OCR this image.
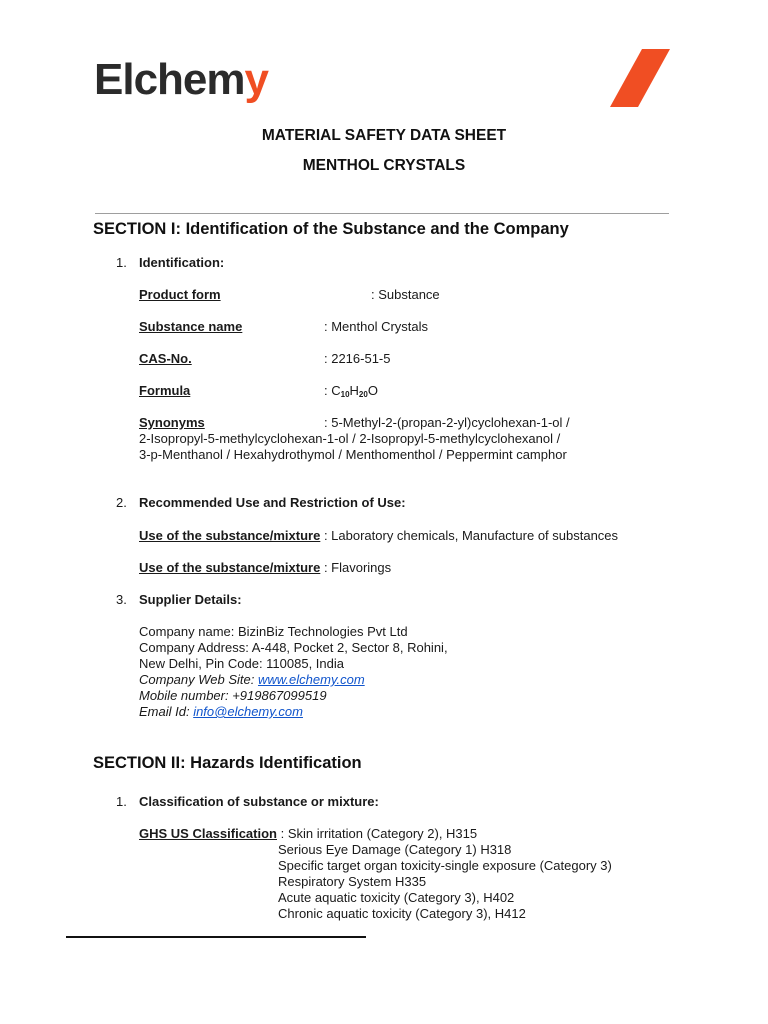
Elchemy
MATERIAL SAFETY DATA SHEET
MENTHOL CRYSTALS
SECTION I: Identification of the Substance and the Company
1. Identification:
Product form	: Substance
Substance name	: Menthol Crystals
CAS-No.	: 2216-51-5
Formula	: $C_{10}H_{20}O$
Synonyms	: 5-Methyl-2-(propan-2-yl)cyclohexan-1-ol /
2-Isopropyl-5-methylcyclohexan-1-ol / 2-Isopropyl-5-methylcyclohexanol /
3-p-Menthanol / Hexahydrothymol / Menthomenthol / Peppermint camphor
2. Recommended Use and Restriction of Use:
Use of the substance/mixture : Laboratory chemicals, Manufacture of substances
Use of the substance/mixture : Flavorings
3. Supplier Details:
Company name: BizinBiz Technologies Pvt Ltd
Company Address: A-448, Pocket 2, Sector 8, Rohini,
New Delhi, Pin Code: 110085, India
Company Web Site: www.elchemy.com
Mobile number: +919867099519
Email Id: info@elchemy.com
SECTION II: Hazards Identification
1. Classification of substance or mixture:
GHS US Classification : Skin irritation (Category 2), H315
Serious Eye Damage (Category 1) H318
Specific target organ toxicity-single exposure (Category 3)
Respiratory System H335
Acute aquatic toxicity (Category 3), H402
Chronic aquatic toxicity (Category 3), H412
